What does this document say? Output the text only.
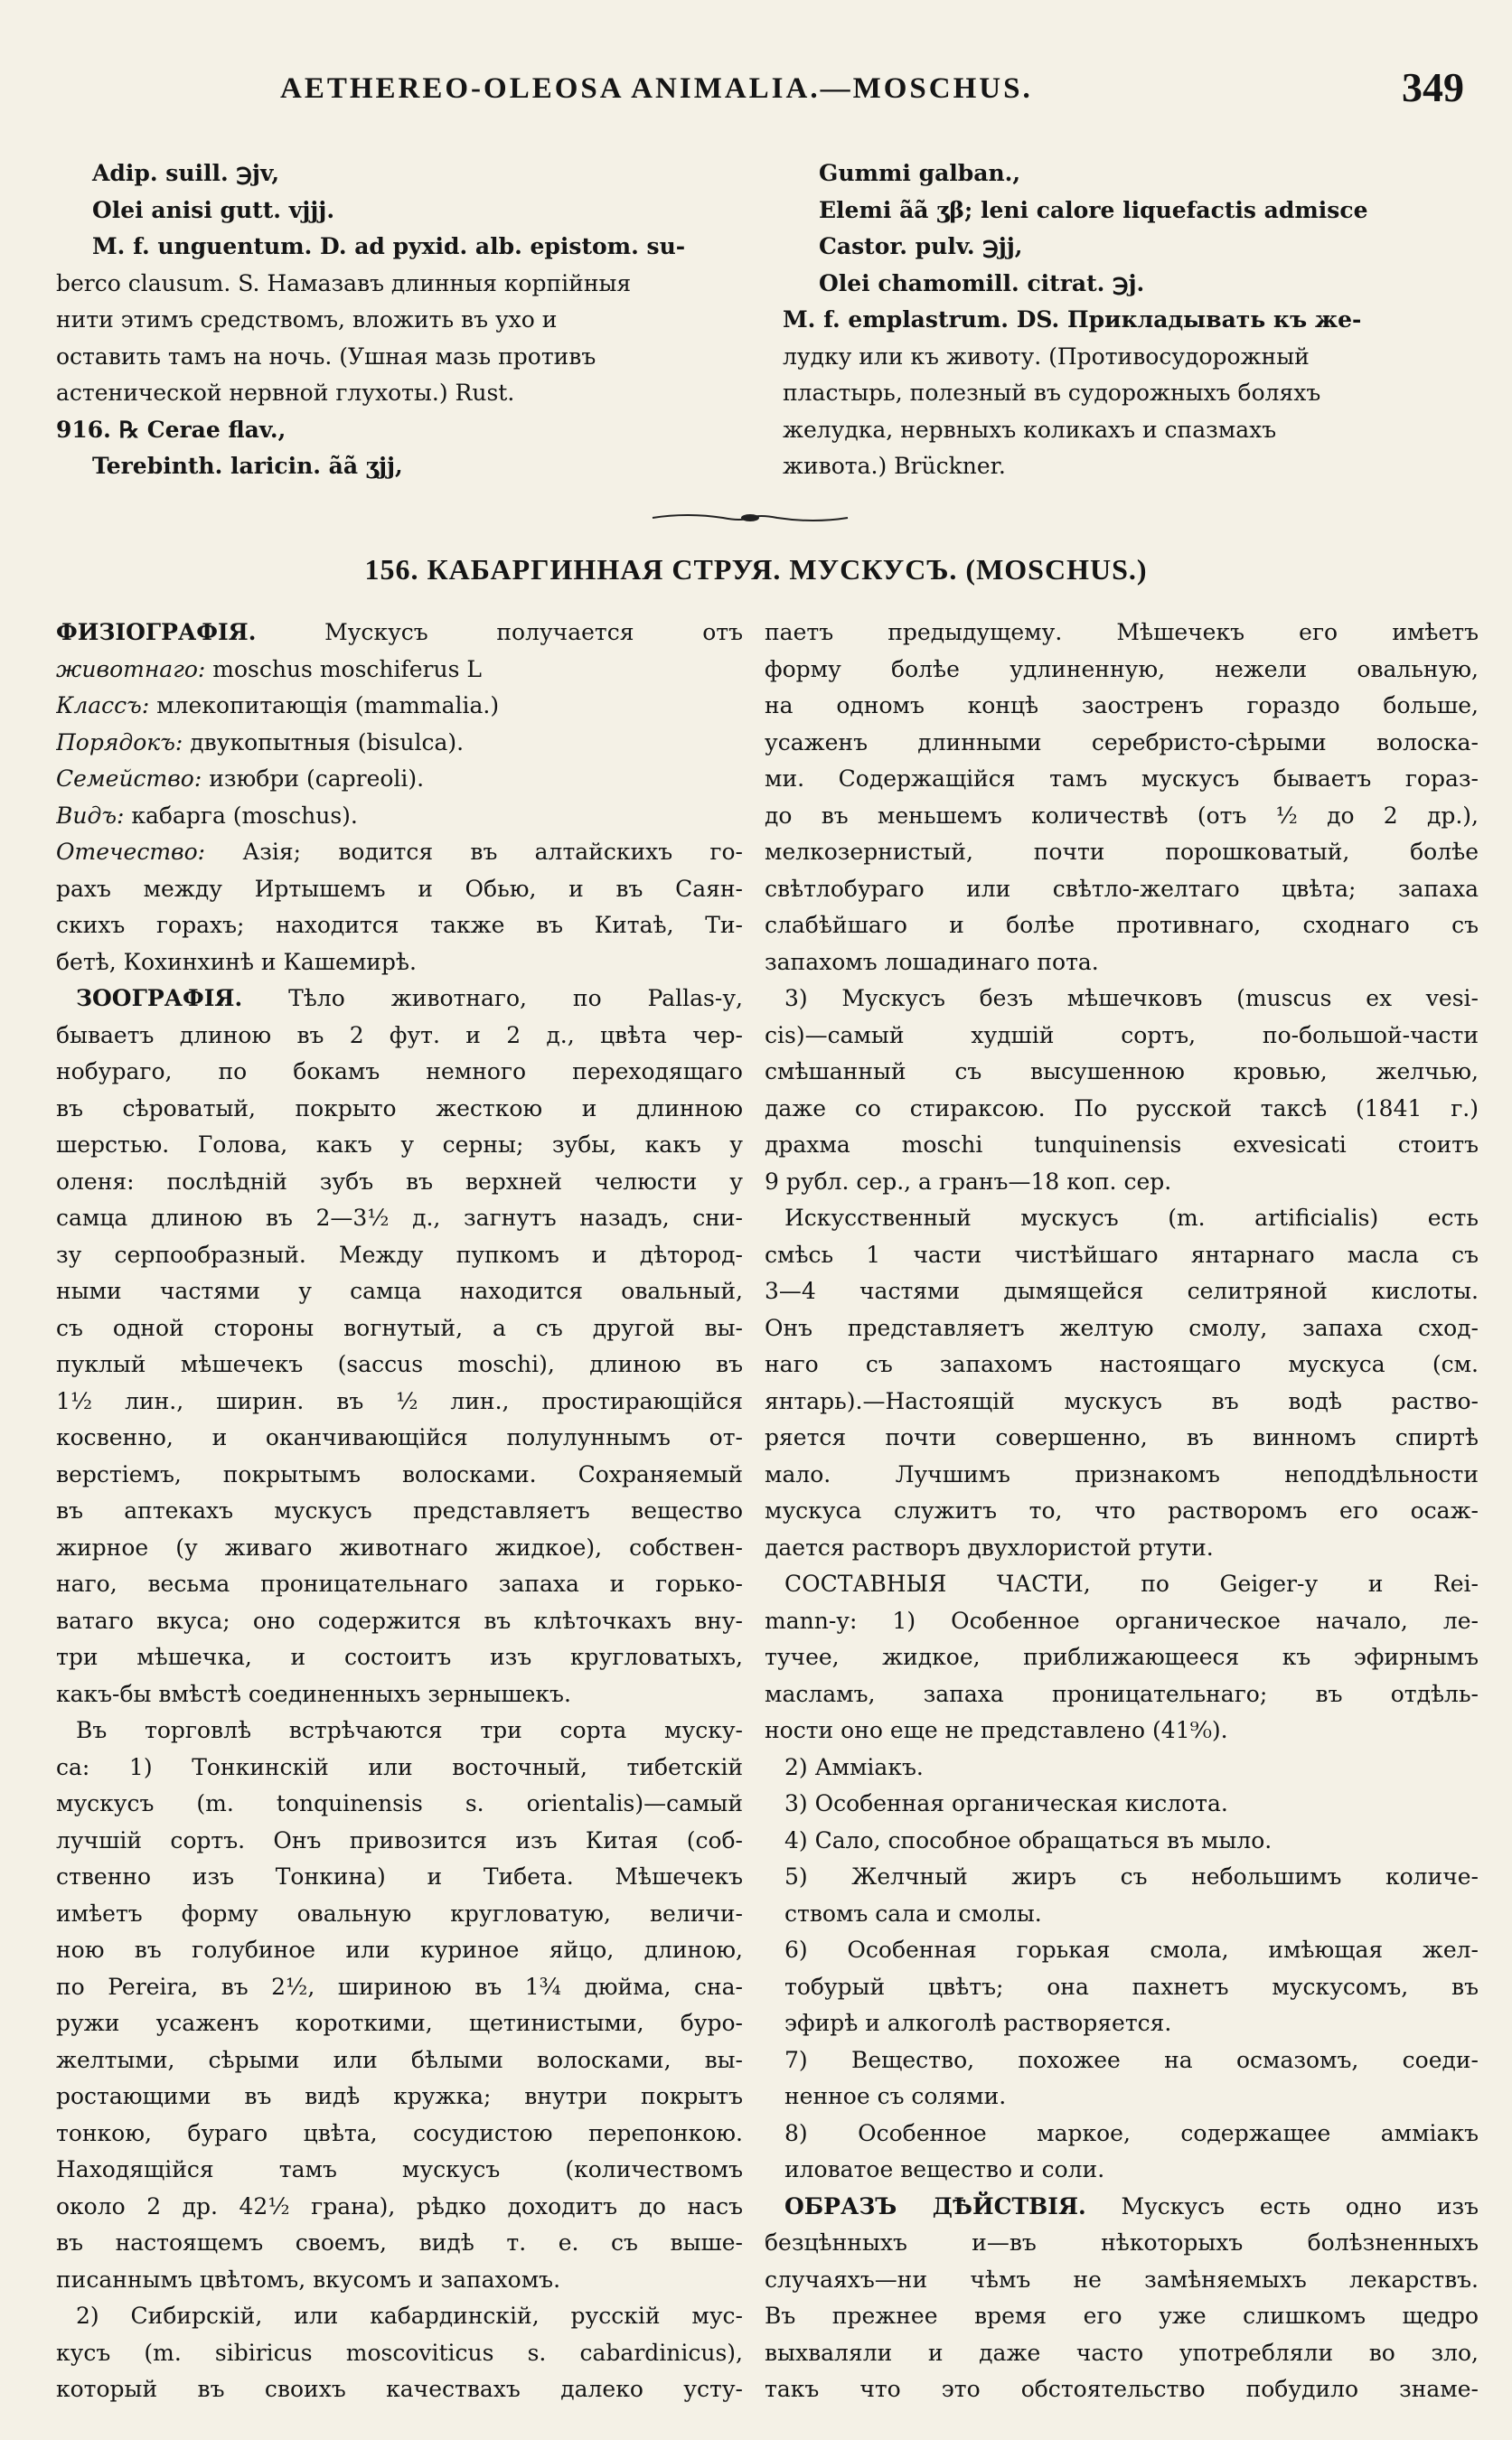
AETHEREO-OLEOSA ANIMALIA.—MOSCHUS.	349
Adip. suill. ℈jv,
Olei anisi gutt. vjjj.
M. f. unguentum. D. ad pyxid. alb. epistom. su-
berco clausum. S. Намазавъ длинныя корпiйныя
нити этимъ средствомъ, вложить въ ухо и
оставить тамъ на ночь. (Ушная мазь противъ
астенической нервной глухоты.) Rust.
916. ℞ Cerae flav.,
Terebinth. laricin. ãã ʒjj,
Gummi galban.,
Elemi ãã ʒβ; leni calore liquefactis admisce
Castor. pulv. ℈jj,
Olei chamomill. citrat. ℈j.
M. f. emplastrum. DS. Прикладывать къ же-
лудку или къ животу. (Противосудорожный
пластырь, полезный въ судорожныхъ боляхъ
желудка, нервныхъ коликахъ и спазмахъ
живота.) Brückner.
156. КАБАРГИННАЯ СТРУЯ. МУСКУСЪ. (MOSCHUS.)
ФИЗIОГРАФIЯ. Мускусъ получается отъ
животнаго: moschus moschiferus L
Классъ: млекопитающiя (mammalia.)
Порядокъ: двукопытныя (bisulca).
Семейство: изюбри (capreoli).
Видъ: кабарга (moschus).
Отечество: Азiя; водится въ алтайскихъ го-
рахъ между Иртышемъ и Обью, и въ Саян-
скихъ горахъ; находится также въ Китаѣ, Ти-
бетѣ, Кохинхинѣ и Кашемирѣ.
ЗООГРАФIЯ. Тѣло животнаго, по Pallas-у,
бываетъ длиною въ 2 фут. и 2 д., цвѣта чер-
нобураго, по бокамъ немного переходящаго
въ сѣроватый, покрыто жесткою и длинною
шерстью. Голова, какъ у серны; зубы, какъ у
оленя: послѣднiй зубъ въ верхней челюсти у
самца длиною въ 2—3½ д., загнутъ назадъ, сни-
зу серпообразный. Между пупкомъ и дѣтород-
ными частями у самца находится овальный,
съ одной стороны вогнутый, а съ другой вы-
пуклый мѣшечекъ (saccus moschi), длиною въ
1½ лин., ширин. въ ½ лин., простирающiйся
косвенно, и оканчивающiйся полулуннымъ от-
верстiемъ, покрытымъ волосками. Сохраняемый
въ аптекахъ мускусъ представляетъ вещество
жирное (у живаго животнаго жидкое), собствен-
наго, весьма проницательнаго запаха и горько-
ватаго вкуса; оно содержится въ клѣточкахъ вну-
три мѣшечка, и состоитъ изъ кругловатыхъ,
какъ-бы вмѣстѣ соединенныхъ зернышекъ.
Въ торговлѣ встрѣчаются три сорта муску-
са: 1) Тонкинскiй или восточный, тибетскiй
мускусъ (m. tonquinensis s. orientalis)—самый
лучшiй сортъ. Онъ привозится изъ Китая (соб-
ственно изъ Тонкина) и Тибета. Мѣшечекъ
имѣетъ форму овальную кругловатую, величи-
ною въ голубиное или куриное яйцо, длиною,
по Pereira, въ 2½, шириною въ 1¾ дюйма, сна-
ружи усаженъ короткими, щетинистыми, буро-
желтыми, сѣрыми или бѣлыми волосками, вы-
ростающими въ видѣ кружка; внутри покрытъ
тонкою, бураго цвѣта, сосудистою перепонкою.
Находящiйся тамъ мускусъ (количествомъ
около 2 др. 42½ грана), рѣдко доходитъ до насъ
въ настоящемъ своемъ, видѣ т. е. съ выше-
писаннымъ цвѣтомъ, вкусомъ и запахомъ.
2) Сибирскiй, или кабардинскiй, русскiй мус-
кусъ (m. sibiricus moscoviticus s. cabardinicus),
который въ своихъ качествахъ далеко усту-
паетъ предыдущему. Мѣшечекъ его имѣетъ
форму болѣе удлиненную, нежели овальную,
на одномъ концѣ заостренъ гораздо больше,
усаженъ длинными серебристо-сѣрыми волоска-
ми. Содержащiйся тамъ мускусъ бываетъ гораз-
до въ меньшемъ количествѣ (отъ ½ до 2 др.),
мелкозернистый, почти порошковатый, болѣе
свѣтлобураго или свѣтло-желтаго цвѣта; запаха
слабѣйшаго и болѣе противнаго, сходнаго съ
запахомъ лошадинаго пота.
3) Мускусъ безъ мѣшечковъ (muscus ex vesi-
cis)—самый худшiй сортъ, по-большой-части
смѣшанный съ высушенною кровью, желчью,
даже со стираксою. По русской таксѣ (1841 г.)
драхма moschi tunquinensis exvesicati стоитъ
9 рубл. сер., а гранъ—18 коп. сер.
Искусственный мускусъ (m. artificialis) есть
смѣсь 1 части чистѣйшаго янтарнаго масла съ
3—4 частями дымящейся селитряной кислоты.
Онъ представляетъ желтую смолу, запаха сход-
наго съ запахомъ настоящаго мускуса (см.
янтарь).—Настоящiй мускусъ въ водѣ раство-
ряется почти совершенно, въ винномъ спиртѣ
мало. Лучшимъ признакомъ неподдѣльности
мускуса служитъ то, что растворомъ его осаж-
дается растворъ двухлористой ртути.
СОСТАВНЫЯ ЧАСТИ, по Geiger-у и Rei-
mann-у: 1) Особенное органическое начало, ле-
тучее, жидкое, приближающееся къ эфирнымъ
масламъ, запаха проницательнаго; въ отдѣль-
ности оно еще не представлено (41⁹⁄₀).
2) Амміакъ.
3) Особенная органическая кислота.
4) Сало, способное обращаться въ мыло.
5) Желчный жиръ съ небольшимъ количе-
ствомъ сала и смолы.
6) Особенная горькая смола, имѣющая жел-
тобурый цвѣтъ; она пахнетъ мускусомъ, въ
эфирѣ и алкоголѣ растворяется.
7) Вещество, похожее на осмазомъ, соеди-
ненное съ солями.
8) Особенное маркое, содержащее амміакъ
иловатое вещество и соли.
ОБРАЗЪ ДѢЙСТВIЯ. Мускусъ есть одно изъ
безцѣнныхъ и—въ нѣкоторыхъ болѣзненныхъ
случаяхъ—ни чѣмъ не замѣняемыхъ лекарствъ.
Въ прежнее время его уже слишкомъ щедро
выхваляли и даже часто употребляли во зло,
такъ что это обстоятельство побудило знаме-
